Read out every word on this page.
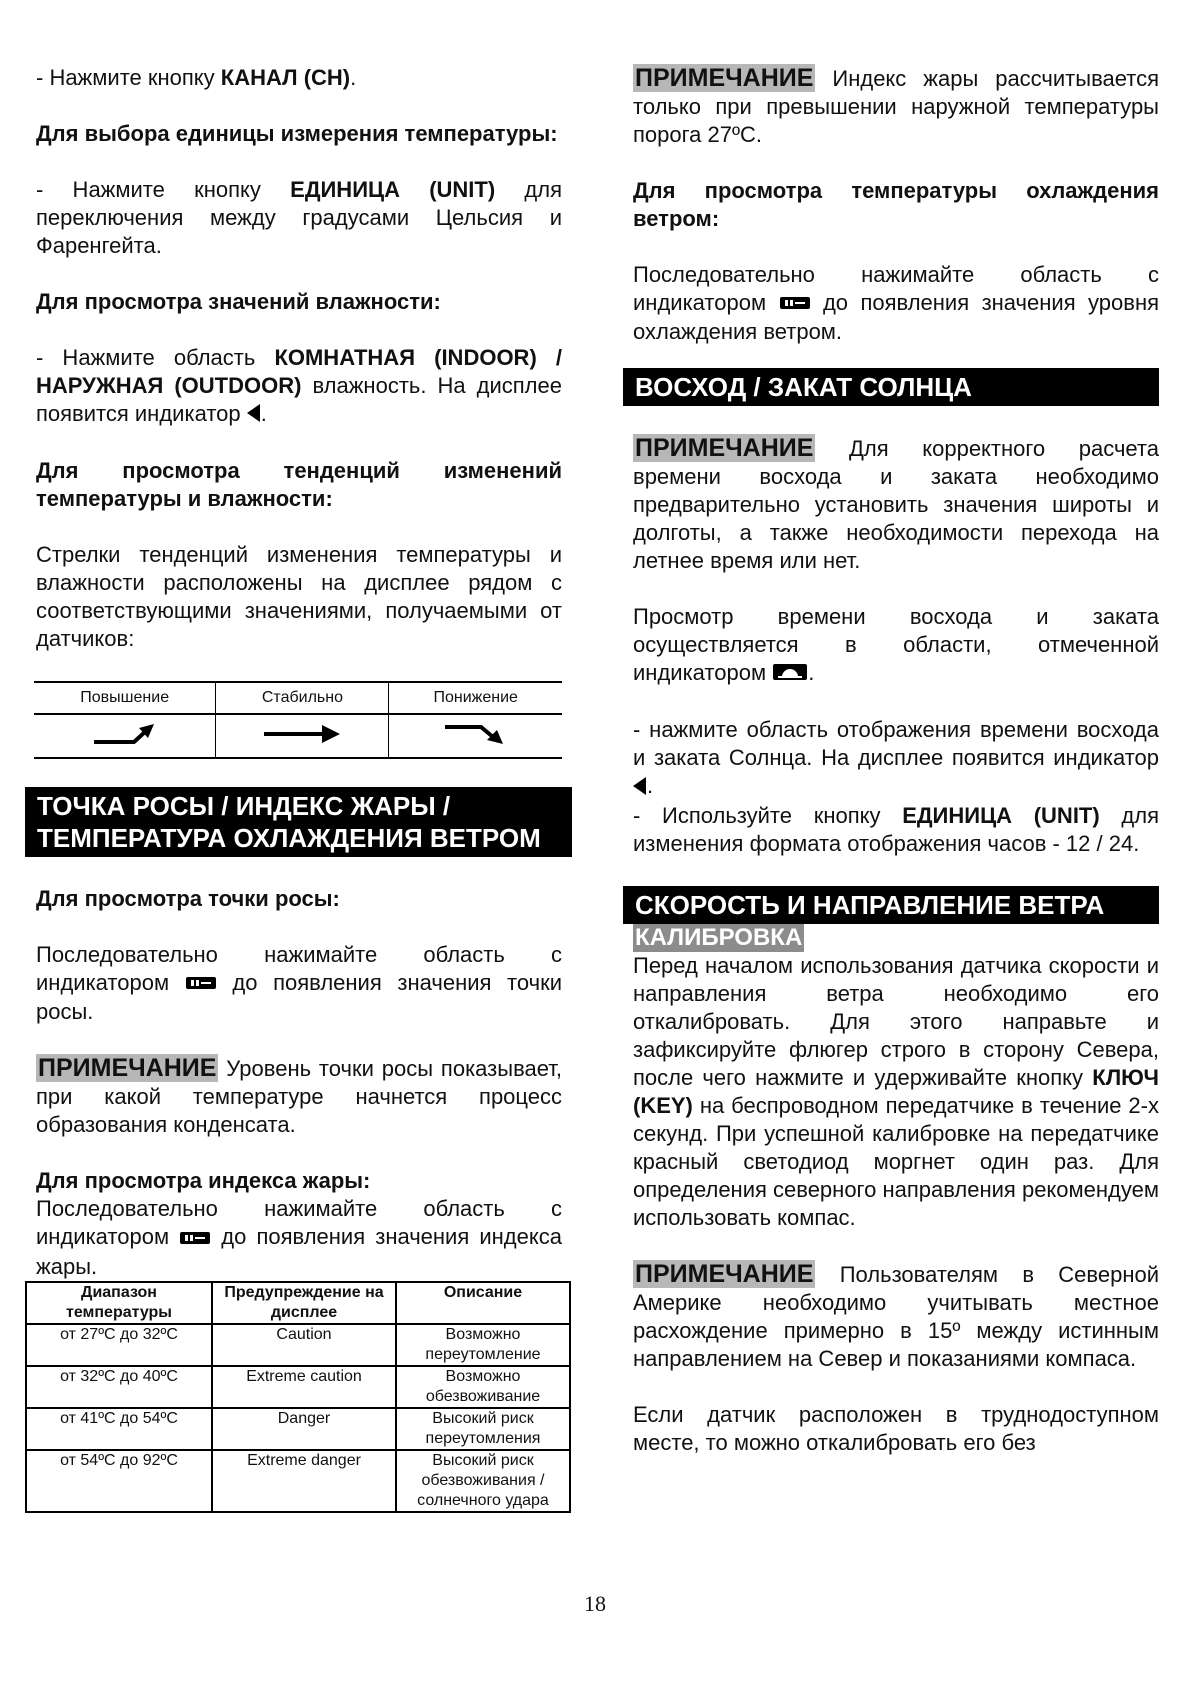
- Нажмите кнопку КАНАЛ (CH).

Для выбора единицы измерения температуры:

- Нажмите кнопку ЕДИНИЦА (UNIT) для переключения между градусами Цельсия и Фаренгейта.

Для просмотра значений влажности:

- Нажмите область КОМНАТНАЯ (INDOOR) / НАРУЖНАЯ (OUTDOOR) влажность. На дисплее появится индикатор .

Для просмотра тенденций изменений температуры и влажности:

Стрелки тенденций изменения температуры и влажности расположены на дисплее рядом с соответствующими значениями, получаемыми от датчиков:

Повышение	Стабильно	Понижение

ТОЧКА РОСЫ / ИНДЕКС ЖАРЫ / ТЕМПЕРАТУРА ОХЛАЖДЕНИЯ ВЕТРОМ

Для просмотра точки росы:

Последовательно нажимайте область с индикатором  до появления значения точки росы.

ПРИМЕЧАНИЕ Уровень точки росы показывает, при какой температуре начнется процесс образования конденсата.

Для просмотра индекса жары:

Последовательно нажимайте область с индикатором  до появления значения индекса жары.

Диапазон температуры	Предупреждение на дисплее	Описание
от 27ºC до 32ºC	Caution	Возможно переутомление
от 32ºC до 40ºC	Extreme caution	Возможно обезвоживание
от 41ºC до 54ºC	Danger	Высокий риск переутомления
от 54ºC до 92ºC	Extreme danger	Высокий риск обезвоживания / солнечного удара

ПРИМЕЧАНИЕ Индекс жары рассчитывается только при превышении наружной температуры порога 27ºC.

Для просмотра температуры охлаждения ветром:

Последовательно нажимайте область с индикатором  до появления значения уровня охлаждения ветром.

ВОСХОД / ЗАКАТ СОЛНЦА

ПРИМЕЧАНИЕ Для корректного расчета времени восхода и заката необходимо предварительно установить значения широты и долготы, а также необходимости перехода на летнее время или нет.

Просмотр времени восхода и заката осуществляется в области, отмеченной индикатором .

- нажмите область отображения времени восхода и заката Солнца. На дисплее появится индикатор .

- Используйте кнопку ЕДИНИЦА (UNIT) для изменения формата отображения часов - 12 / 24.

СКОРОСТЬ И НАПРАВЛЕНИЕ ВЕТРА
КАЛИБРОВКА

Перед началом использования датчика скорости и направления ветра необходимо его откалибровать. Для этого направьте и зафиксируйте флюгер строго в сторону Севера, после чего нажмите и удерживайте кнопку КЛЮЧ (KEY) на беспроводном передатчике в течение 2-х секунд. При успешной калибровке на передатчике красный светодиод моргнет один раз. Для определения северного направления рекомендуем использовать компас.

ПРИМЕЧАНИЕ Пользователям в Северной Америке необходимо учитывать местное расхождение примерно в 15º между истинным направлением на Север и показаниями компаса.

Если датчик расположен в труднодоступном месте, то можно откалибровать его без

18
